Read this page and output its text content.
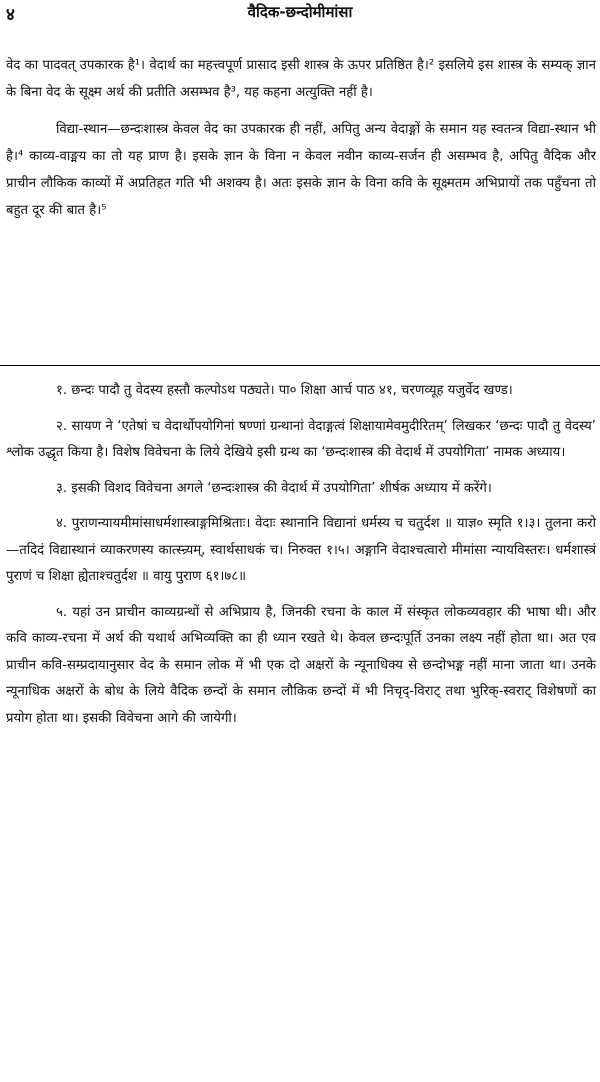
४	वैदिक-छन्दोमीमांसा

वेद का पादवत् उपकारक है¹। वेदार्थ का महत्त्वपूर्ण प्रासाद इसी शास्त्र के ऊपर प्रतिष्ठित है।² इसलिये इस शास्त्र के सम्यक् ज्ञान के बिना वेद के सूक्ष्म अर्थ की प्रतीति असम्भव है³, यह कहना अत्युक्ति नहीं है।

विद्या-स्थान—छन्दःशास्त्र केवल वेद का उपकारक ही नहीं, अपितु अन्य वेदाङ्गों के समान यह स्वतन्त्र विद्या-स्थान भी है।⁴ काव्य-वाङ्मय का तो यह प्राण है। इसके ज्ञान के विना न केवल नवीन काव्य-सर्जन ही असम्भव है, अपितु वैदिक और प्राचीन लौकिक काव्यों में अप्रतिहत गति भी अशक्य है। अतः इसके ज्ञान के विना कवि के सूक्ष्मतम अभिप्रायों तक पहुँचना तो बहुत दूर की बात है।⁵

१. छन्दः पादौ तु वेदस्य हस्तौ कल्पोऽथ पठ्यते। पा० शिक्षा आर्च पाठ ४१, चरणव्यूह यजुर्वेद खण्ड।

२. सायण ने ‘एतेषां च वेदार्थोपयोगिनां षण्णां ग्रन्थानां वेदाङ्गत्वं शिक्षायामेवमुदीरितम्’ लिखकर ‘छन्दः पादौ तु वेदस्य’ श्लोक उद्धृत किया है। विशेष विवेचना के लिये देखिये इसी ग्रन्थ का ‘छन्दःशास्त्र की वेदार्थ में उपयोगिता’ नामक अध्याय।

३. इसकी विशद विवेचना अगले ‘छन्दःशास्त्र की वेदार्थ में उपयोगिता’ शीर्षक अध्याय में करेंगे।

४. पुराणन्यायमीमांसाधर्मशास्त्राङ्गमिश्रिताः। वेदाः स्थानानि विद्यानां धर्मस्य च चतुर्दश ॥ याज्ञ० स्मृति १।३। तुलना करो—तदिदं विद्यास्थानं व्याकरणस्य कात्स्न्र्यम्, स्वार्थसाधकं च। निरुक्त १।५। अङ्गानि वेदाश्चत्वारो मीमांसा न्यायविस्तरः। धर्मशास्त्रं पुराणं च शिक्षा ह्येताश्चतुर्दश ॥ वायु पुराण ६१।७८॥

५. यहां उन प्राचीन काव्यग्रन्थों से अभिप्राय है, जिनकी रचना के काल में संस्कृत लोकव्यवहार की भाषा थी। और कवि काव्य-रचना में अर्थ की यथार्थ अभिव्यक्ति का ही ध्यान रखते थे। केवल छन्दःपूर्ति उनका लक्ष्य नहीं होता था। अत एव प्राचीन कवि-सम्प्रदायानुसार वेद के समान लोक में भी एक दो अक्षरों के न्यूनाधिक्य से छन्दोभङ्ग नहीं माना जाता था। उनके न्यूनाधिक अक्षरों के बोध के लिये वैदिक छन्दों के समान लौकिक छन्दों में भी निचृद्-विराट् तथा भुरिक्-स्वराट् विशेषणों का प्रयोग होता था। इसकी विवेचना आगे की जायेगी।
